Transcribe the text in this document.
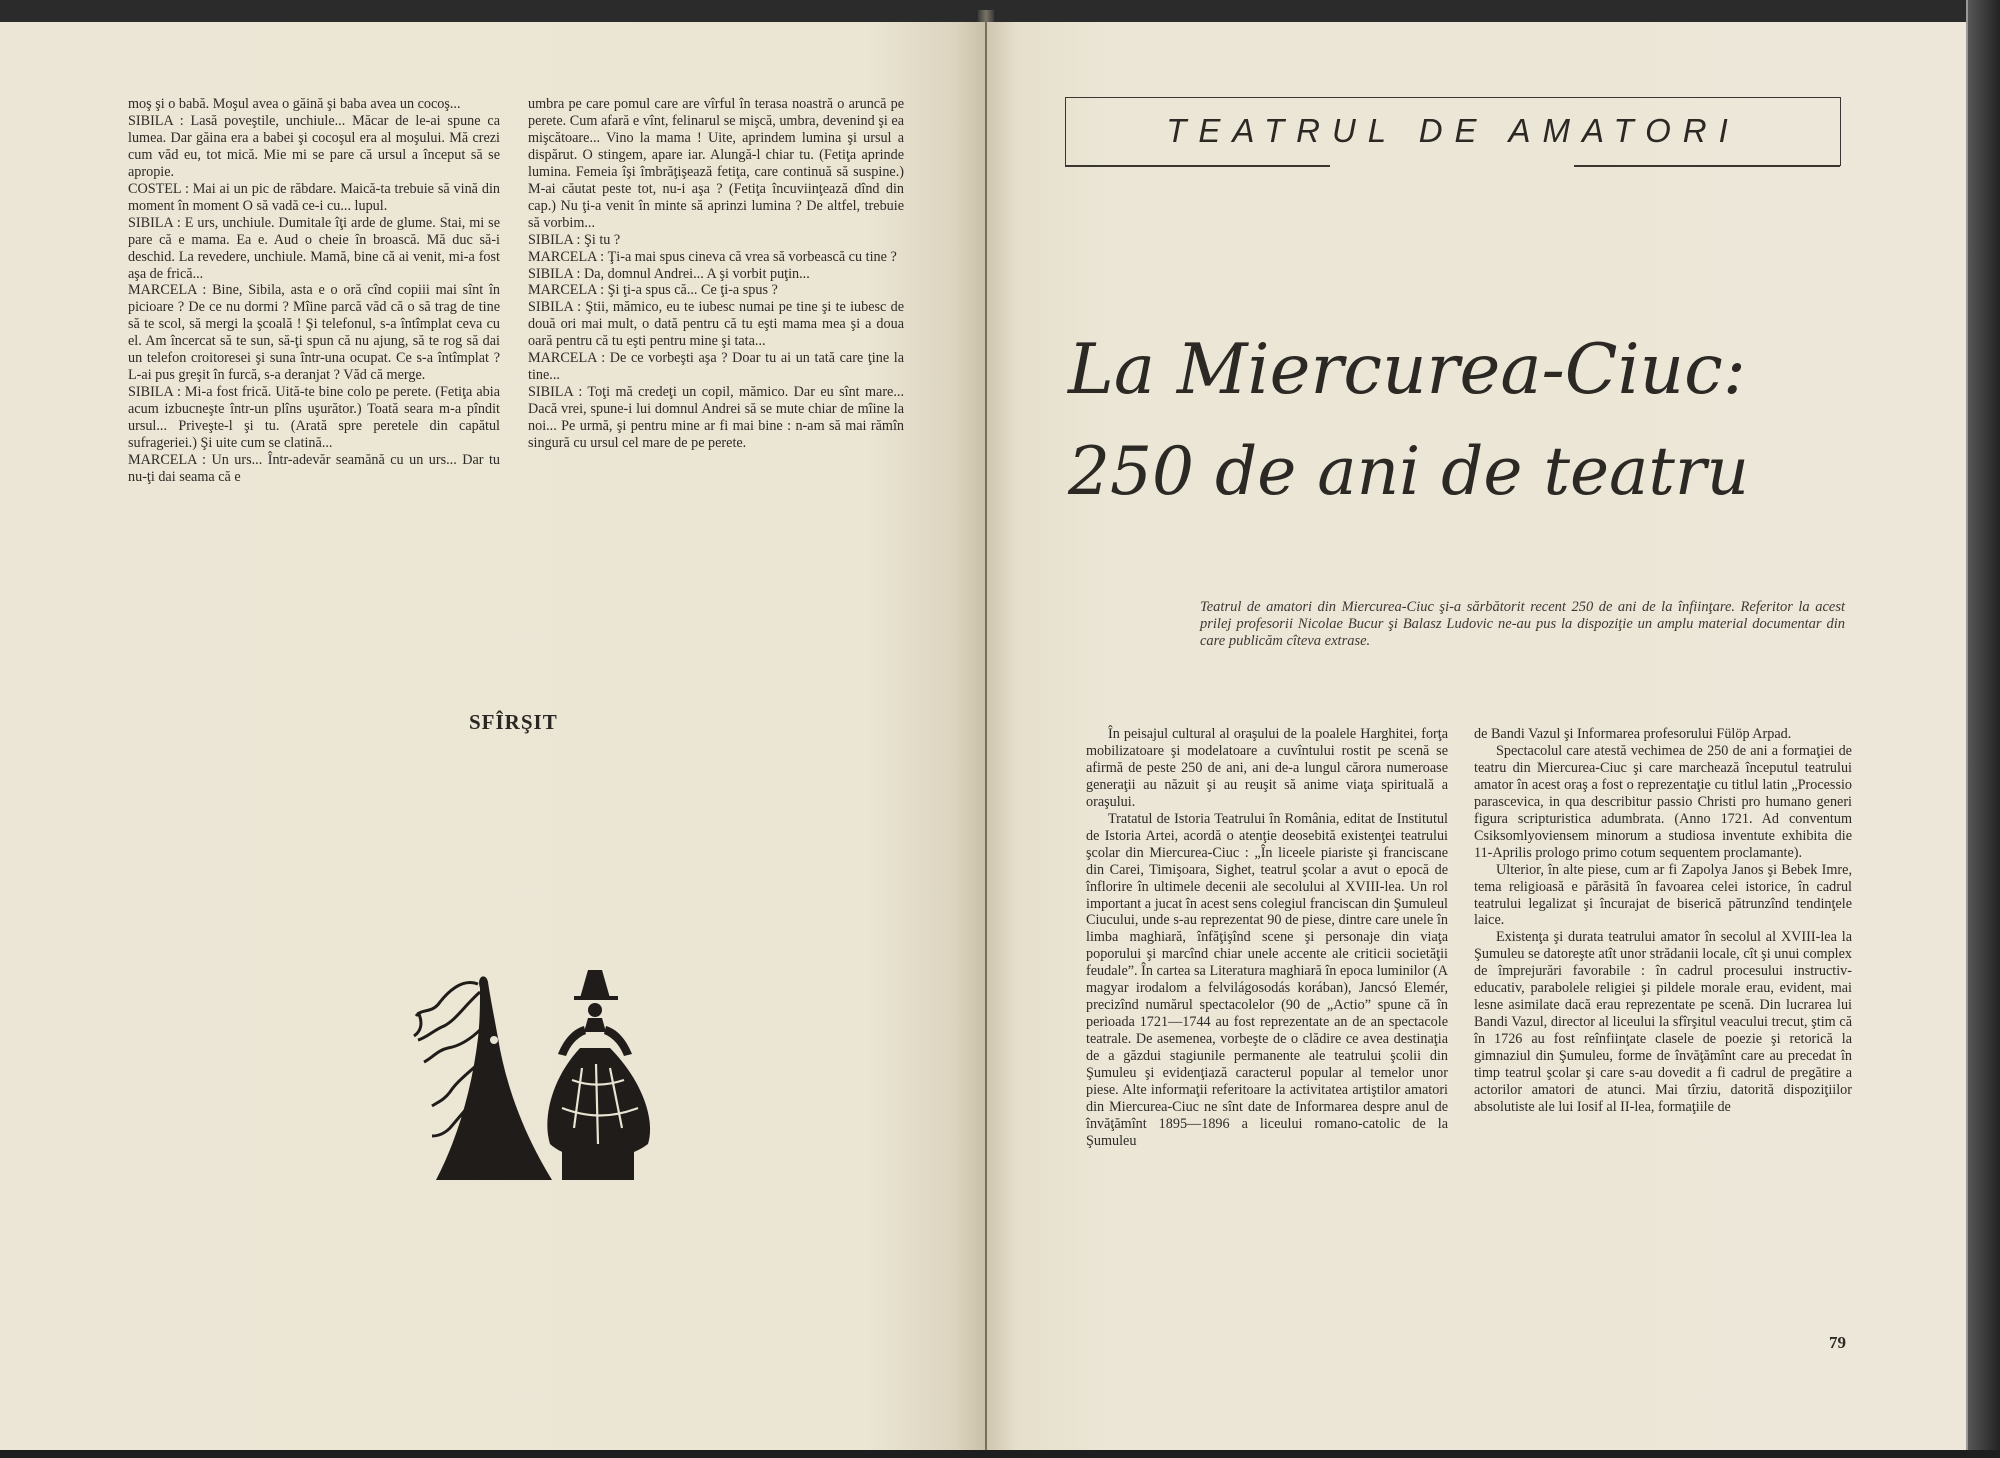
moş şi o babă. Moşul avea o găină şi baba avea un cocoş...

SIBILA : Lasă poveştile, unchiule... Măcar de le-ai spune ca lumea. Dar găina era a babei şi cocoşul era al moşului. Mă crezi cum văd eu, tot mică. Mie mi se pare că ursul a început să se apropie.

COSTEL : Mai ai un pic de răbdare. Maică-ta trebuie să vină din moment în moment O să vadă ce-i cu... lupul.

SIBILA : E urs, unchiule. Dumitale îţi arde de glume. Stai, mi se pare că e mama. Ea e. Aud o cheie în broască. Mă duc să-i deschid. La revedere, unchiule. Mamă, bine că ai venit, mi-a fost aşa de frică...

MARCELA : Bine, Sibila, asta e o oră cînd copiii mai sînt în picioare ? De ce nu dormi ? Mîine parcă văd că o să trag de tine să te scol, să mergi la şcoală ! Şi telefonul, s-a întîmplat ceva cu el. Am încercat să te sun, să-ţi spun că nu ajung, să te rog să dai un telefon croitoresei şi suna într-una ocupat. Ce s-a întîmplat ? L-ai pus greşit în furcă, s-a deranjat ? Văd că merge.

SIBILA : Mi-a fost frică. Uită-te bine colo pe perete. (Fetiţa abia acum izbucneşte într-un plîns uşurător.) Toată seara m-a pîndit ursul... Priveşte-l şi tu. (Arată spre peretele din capătul sufrageriei.) Şi uite cum se clatină...

MARCELA : Un urs... Într-adevăr seamănă cu un urs... Dar tu nu-ţi dai seama că e

umbra pe care pomul care are vîrful în terasa noastră o aruncă pe perete. Cum afară e vînt, felinarul se mişcă, umbra, devenind şi ea mişcătoare... Vino la mama ! Uite, aprindem lumina şi ursul a dispărut. O stingem, apare iar. Alungă-l chiar tu. (Fetiţa aprinde lumina. Femeia îşi îmbrăţişează fetiţa, care continuă să suspine.) M-ai căutat peste tot, nu-i aşa ? (Fetiţa încuviinţează dînd din cap.) Nu ţi-a venit în minte să aprinzi lumina ? De altfel, trebuie să vorbim...

SIBILA : Şi tu ?

MARCELA : Ţi-a mai spus cineva că vrea să vorbească cu tine ?

SIBILA : Da, domnul Andrei... A şi vorbit puţin...

MARCELA : Şi ţi-a spus că... Ce ţi-a spus ?

SIBILA : Ştii, mămico, eu te iubesc numai pe tine şi te iubesc de două ori mai mult, o dată pentru că tu eşti mama mea şi a doua oară pentru că tu eşti pentru mine şi tata...

MARCELA : De ce vorbeşti aşa ? Doar tu ai un tată care ţine la tine...

SIBILA : Toţi mă credeţi un copil, mămico. Dar eu sînt mare... Dacă vrei, spune-i lui domnul Andrei să se mute chiar de mîine la noi... Pe urmă, şi pentru mine ar fi mai bine : n-am să mai rămîn singură cu ursul cel mare de pe perete.

SFÎRŞIT
TEATRUL DE AMATORI
La Miercurea-Ciuc:
250 de ani de teatru
Teatrul de amatori din Miercurea-Ciuc şi-a sărbătorit recent 250 de ani de la înfiinţare. Referitor la acest prilej profesorii Nicolae Bucur şi Balasz Ludovic ne-au pus la dispoziţie un amplu material documentar din care publicăm cîteva extrase.

În peisajul cultural al oraşului de la poalele Harghitei, forţa mobilizatoare şi modelatoare a cuvîntului rostit pe scenă se afirmă de peste 250 de ani, ani de-a lungul cărora numeroase generaţii au năzuit şi au reuşit să anime viaţa spirituală a oraşului.

Tratatul de Istoria Teatrului în România, editat de Institutul de Istoria Artei, acordă o atenţie deosebită existenţei teatrului şcolar din Miercurea-Ciuc : „În liceele piariste şi franciscane din Carei, Timişoara, Sighet, teatrul şcolar a avut o epocă de înflorire în ultimele decenii ale secolului al XVIII-lea. Un rol important a jucat în acest sens colegiul franciscan din Şumuleul Ciucului, unde s-au reprezentat 90 de piese, dintre care unele în limba maghiară, înfăţişînd scene şi personaje din viaţa poporului şi marcînd chiar unele accente ale criticii societăţii feudale”. În cartea sa Literatura maghiară în epoca luminilor (A magyar irodalom a felvilágosodás korában), Jancsó Elemér, precizînd numărul spectacolelor (90 de „Actio” spune că în perioada 1721—1744 au fost reprezentate an de an spectacole teatrale. De asemenea, vorbeşte de o clădire ce avea destinaţia de a găzdui stagiunile permanente ale teatrului şcolii din Şumuleu şi evidenţiază caracterul popular al temelor unor piese. Alte informaţii referitoare la activitatea artiştilor amatori din Miercurea-Ciuc ne sînt date de Informarea despre anul de învăţămînt 1895—1896 a liceului romano-catolic de la Şumuleu

de Bandi Vazul şi Informarea profesorului Fülöp Arpad.

Spectacolul care atestă vechimea de 250 de ani a formaţiei de teatru din Miercurea-Ciuc şi care marchează începutul teatrului amator în acest oraş a fost o reprezentaţie cu titlul latin „Processio parascevica, in qua describitur passio Christi pro humano generi figura scripturistica adumbrata. (Anno 1721. Ad conventum Csiksomlyoviensem minorum a studiosa inventute exhibita die 11-Aprilis prologo primo cotum sequentem proclamante).

Ulterior, în alte piese, cum ar fi Zapolya Janos şi Bebek Imre, tema religioasă e părăsită în favoarea celei istorice, în cadrul teatrului legalizat şi încurajat de biserică pătrunzînd tendinţele laice.

Existenţa şi durata teatrului amator în secolul al XVIII-lea la Şumuleu se datoreşte atît unor strădanii locale, cît şi unui complex de împrejurări favorabile : în cadrul procesului instructiv-educativ, parabolele religiei şi pildele morale erau, evident, mai lesne asimilate dacă erau reprezentate pe scenă. Din lucrarea lui Bandi Vazul, director al liceului la sfîrşitul veacului trecut, ştim că în 1726 au fost reînfiinţate clasele de poezie şi retorică la gimnaziul din Şumuleu, forme de învăţămînt care au precedat în timp teatrul şcolar şi care s-au dovedit a fi cadrul de pregătire a actorilor amatori de atunci. Mai tîrziu, datorită dispoziţiilor absolutiste ale lui Iosif al II-lea, formaţiile de

79
